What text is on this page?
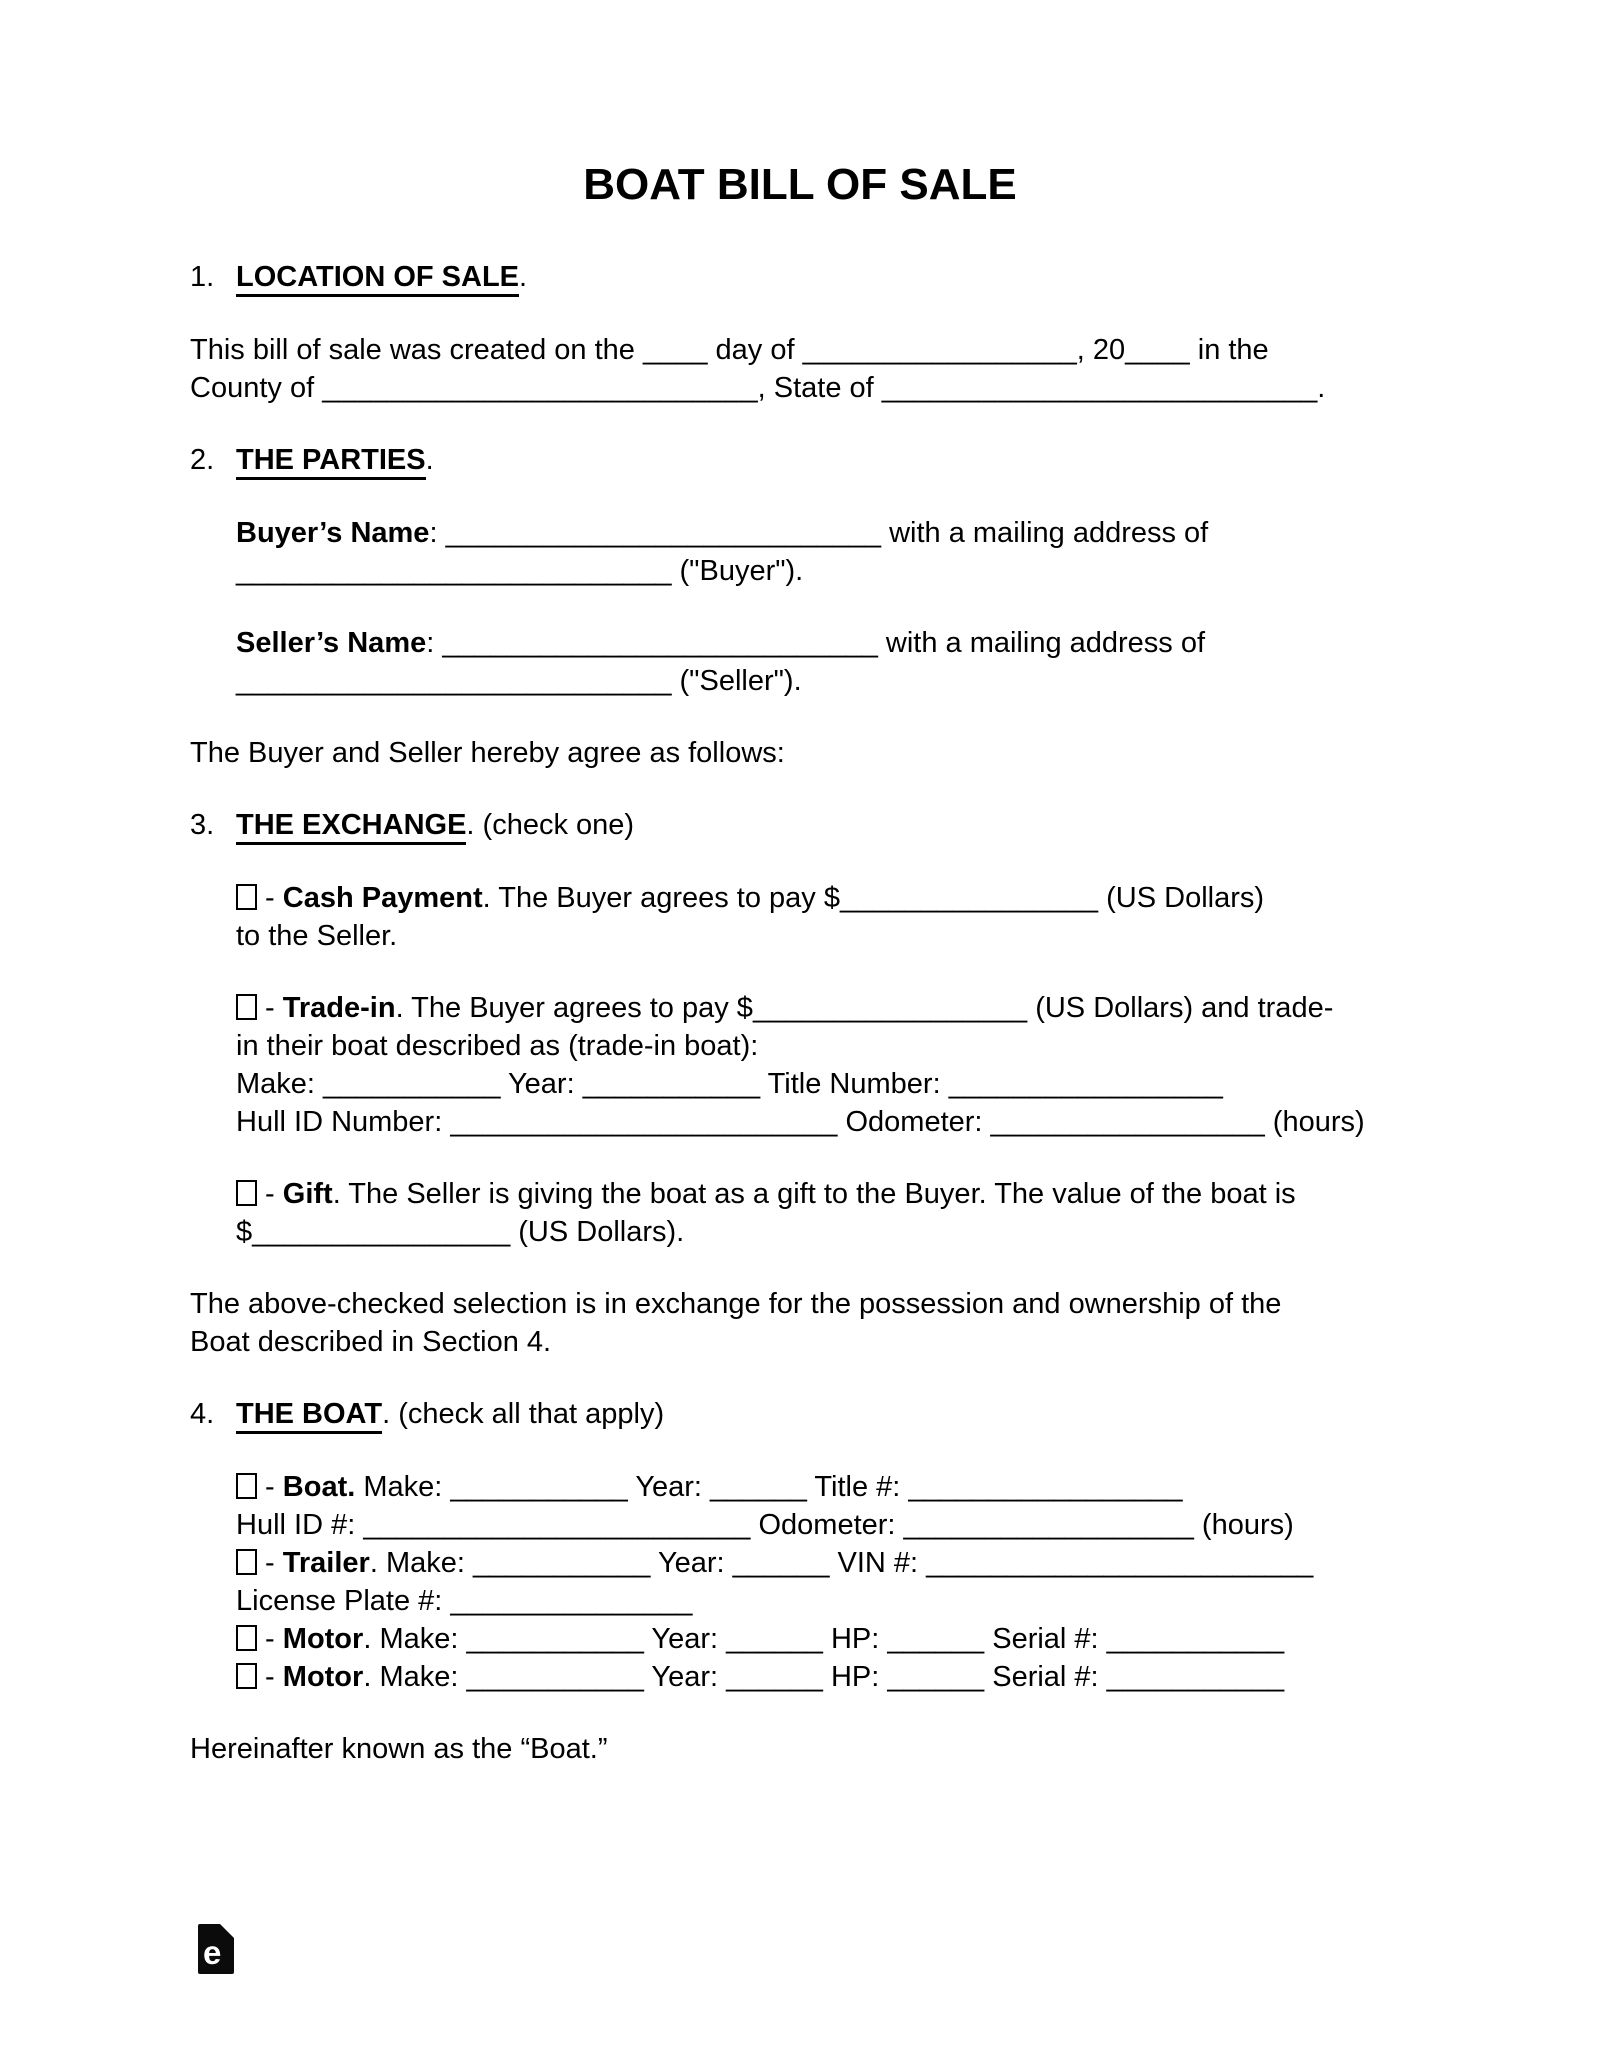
BOAT BILL OF SALE
1. LOCATION OF SALE.
This bill of sale was created on the ____ day of _________________, 20____ in the
County of ___________________________, State of ___________________________.
2. THE PARTIES.
Buyer’s Name: ___________________________ with a mailing address of
___________________________ ("Buyer").
Seller’s Name: ___________________________ with a mailing address of
___________________________ ("Seller").
The Buyer and Seller hereby agree as follows:
3. THE EXCHANGE. (check one)
- Cash Payment. The Buyer agrees to pay $________________ (US Dollars)
to the Seller.
- Trade-in. The Buyer agrees to pay $_________________ (US Dollars) and trade-
in their boat described as (trade-in boat):
Make: ___________ Year: ___________ Title Number: _________________
Hull ID Number: ________________________ Odometer: _________________ (hours)
- Gift. The Seller is giving the boat as a gift to the Buyer. The value of the boat is
$________________ (US Dollars).
The above-checked selection is in exchange for the possession and ownership of the
Boat described in Section 4.
4. THE BOAT. (check all that apply)
- Boat. Make: ___________ Year: ______ Title #: _________________
Hull ID #: ________________________ Odometer: __________________ (hours)
- Trailer. Make: ___________ Year: ______ VIN #: ________________________
License Plate #: _______________
- Motor. Make: ___________ Year: ______ HP: ______ Serial #: ___________
- Motor. Make: ___________ Year: ______ HP: ______ Serial #: ___________
Hereinafter known as the “Boat.”
e
